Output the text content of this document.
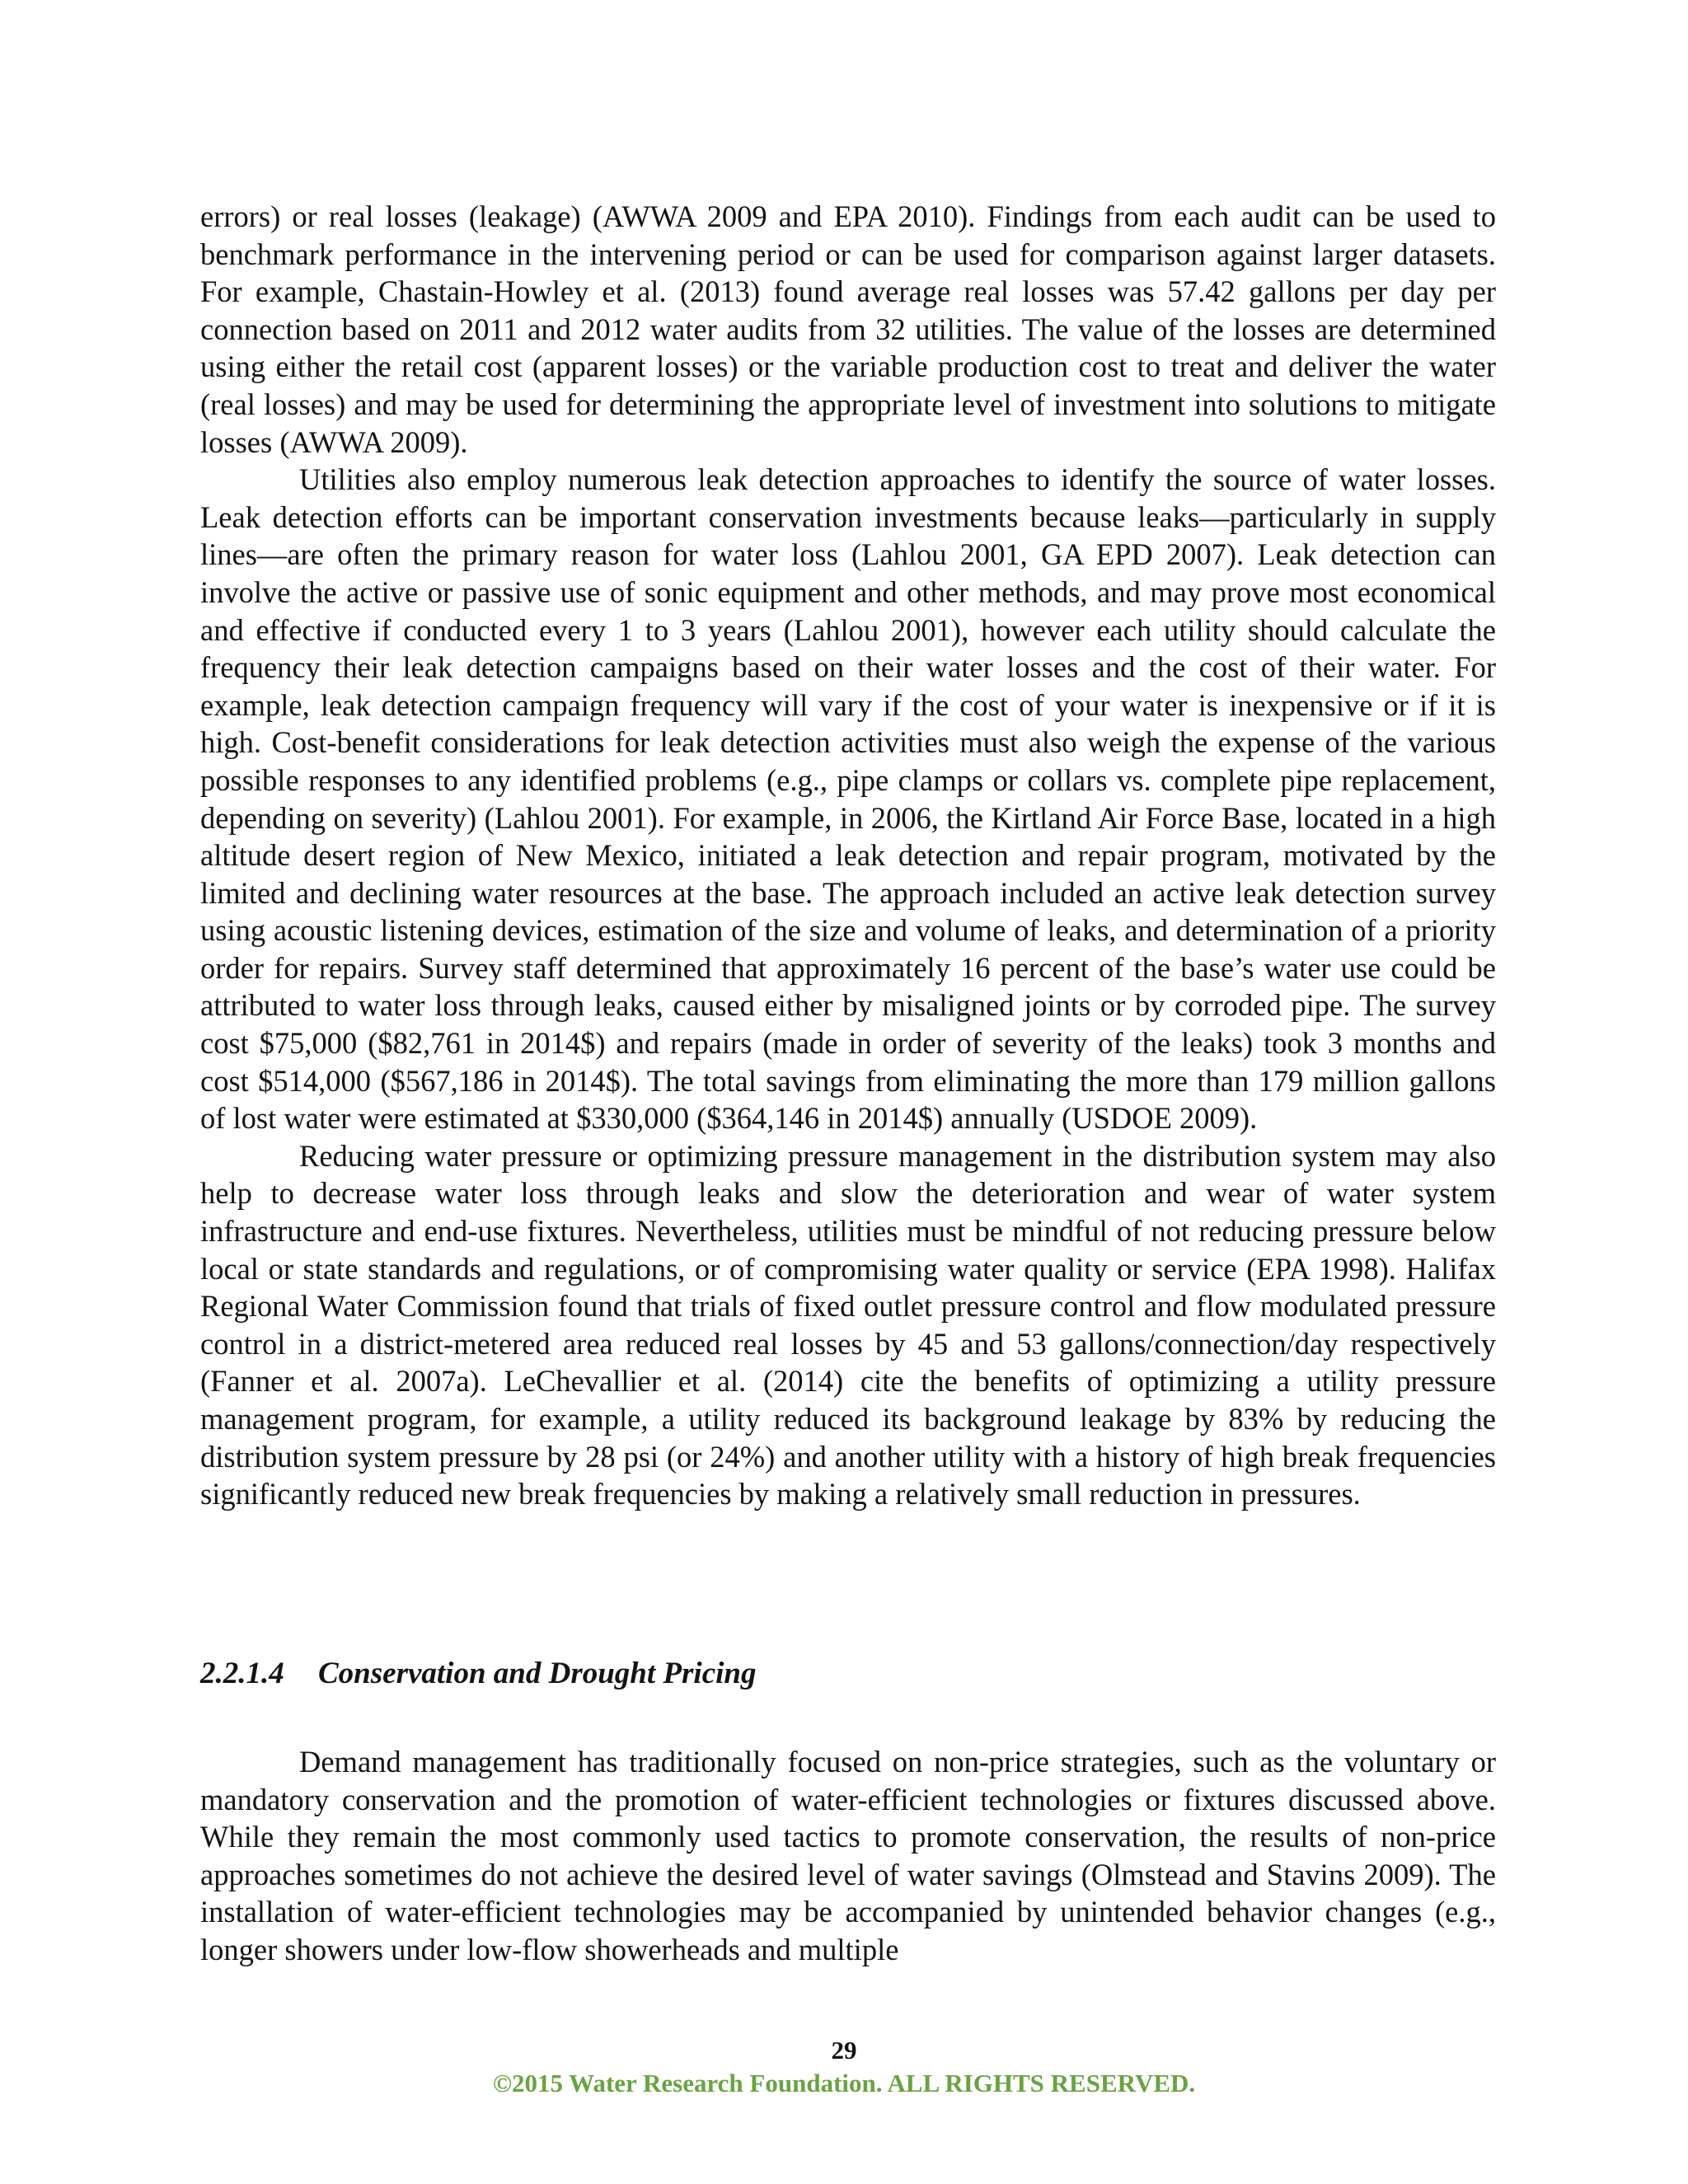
errors) or real losses (leakage) (AWWA 2009 and EPA 2010). Findings from each audit can be used to benchmark performance in the intervening period or can be used for comparison against larger datasets. For example, Chastain-Howley et al. (2013) found average real losses was 57.42 gallons per day per connection based on 2011 and 2012 water audits from 32 utilities. The value of the losses are determined using either the retail cost (apparent losses) or the variable production cost to treat and deliver the water (real losses) and may be used for determining the appropriate level of investment into solutions to mitigate losses (AWWA 2009).

Utilities also employ numerous leak detection approaches to identify the source of water losses. Leak detection efforts can be important conservation investments because leaks—particularly in supply lines—are often the primary reason for water loss (Lahlou 2001, GA EPD 2007). Leak detection can involve the active or passive use of sonic equipment and other methods, and may prove most economical and effective if conducted every 1 to 3 years (Lahlou 2001), however each utility should calculate the frequency their leak detection campaigns based on their water losses and the cost of their water. For example, leak detection campaign frequency will vary if the cost of your water is inexpensive or if it is high. Cost-benefit considerations for leak detection activities must also weigh the expense of the various possible responses to any identified problems (e.g., pipe clamps or collars vs. complete pipe replacement, depending on severity) (Lahlou 2001). For example, in 2006, the Kirtland Air Force Base, located in a high altitude desert region of New Mexico, initiated a leak detection and repair program, motivated by the limited and declining water resources at the base. The approach included an active leak detection survey using acoustic listening devices, estimation of the size and volume of leaks, and determination of a priority order for repairs. Survey staff determined that approximately 16 percent of the base’s water use could be attributed to water loss through leaks, caused either by misaligned joints or by corroded pipe. The survey cost $75,000 ($82,761 in 2014$) and repairs (made in order of severity of the leaks) took 3 months and cost $514,000 ($567,186 in 2014$). The total savings from eliminating the more than 179 million gallons of lost water were estimated at $330,000 ($364,146 in 2014$) annually (USDOE 2009).

Reducing water pressure or optimizing pressure management in the distribution system may also help to decrease water loss through leaks and slow the deterioration and wear of water system infrastructure and end-use fixtures. Nevertheless, utilities must be mindful of not reducing pressure below local or state standards and regulations, or of compromising water quality or service (EPA 1998). Halifax Regional Water Commission found that trials of fixed outlet pressure control and flow modulated pressure control in a district-metered area reduced real losses by 45 and 53 gallons/connection/day respectively (Fanner et al. 2007a). LeChevallier et al. (2014) cite the benefits of optimizing a utility pressure management program, for example, a utility reduced its background leakage by 83% by reducing the distribution system pressure by 28 psi (or 24%) and another utility with a history of high break frequencies significantly reduced new break frequencies by making a relatively small reduction in pressures.

2.2.1.4 Conservation and Drought Pricing

Demand management has traditionally focused on non-price strategies, such as the voluntary or mandatory conservation and the promotion of water-efficient technologies or fixtures discussed above. While they remain the most commonly used tactics to promote conservation, the results of non-price approaches sometimes do not achieve the desired level of water savings (Olmstead and Stavins 2009). The installation of water-efficient technologies may be accompanied by unintended behavior changes (e.g., longer showers under low-flow showerheads and multiple

29
©2015 Water Research Foundation. ALL RIGHTS RESERVED.
